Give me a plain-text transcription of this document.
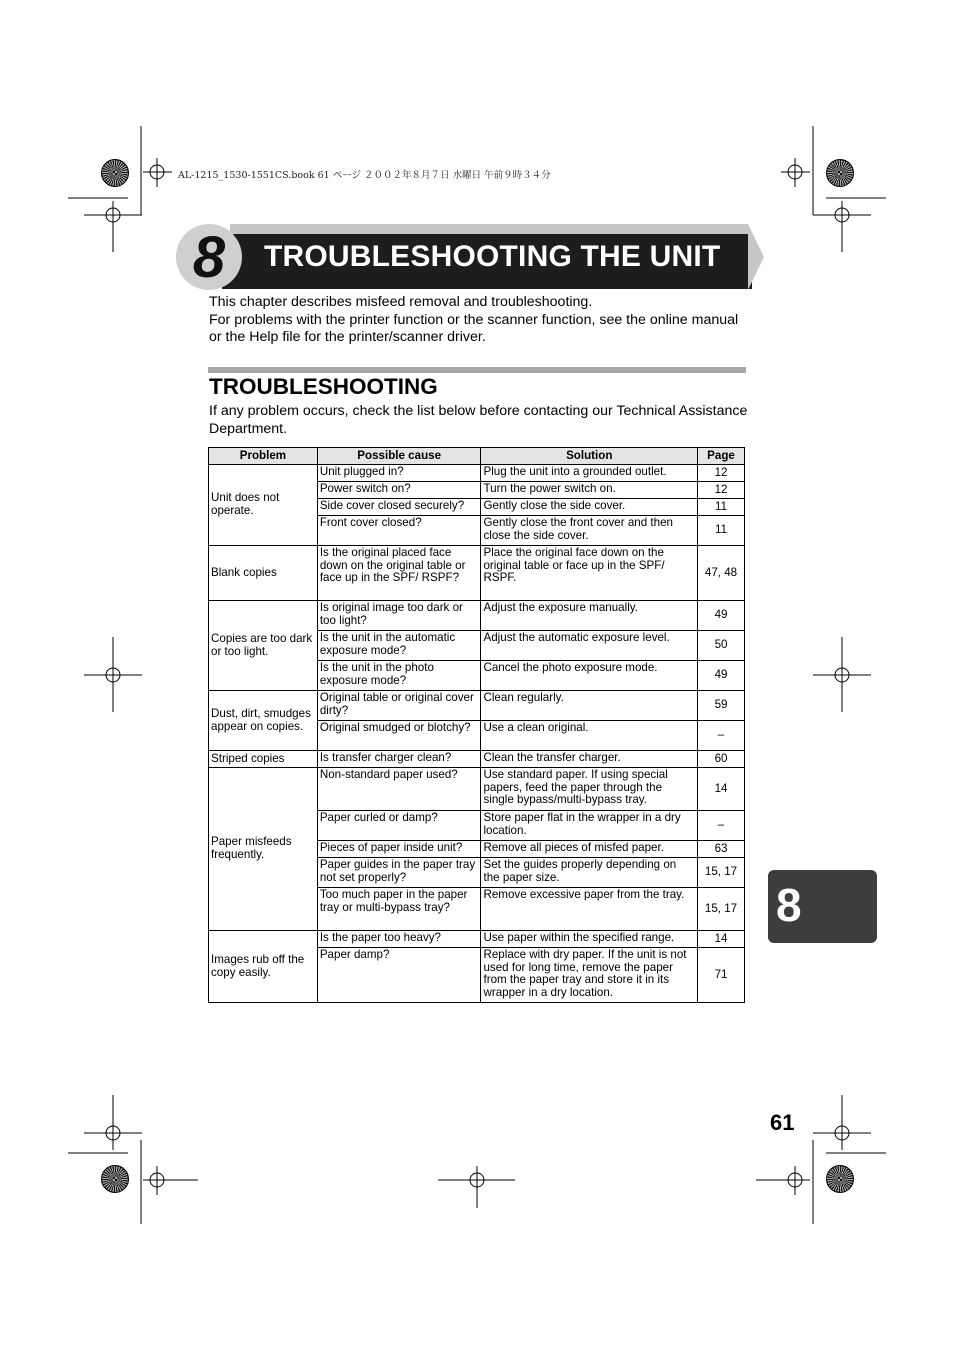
AL-1215_1530-1551CS.book 61 ページ ２００２年８月７日 水曜日 午前９時３４分
8	TROUBLESHOOTING THE UNIT
This chapter describes misfeed removal and troubleshooting.
For problems with the printer function or the scanner function, see the online manual or the Help file for the printer/scanner driver.
TROUBLESHOOTING
If any problem occurs, check the list below before contacting our Technical Assistance Department.
Problem	Possible cause	Solution	Page
Unit does not operate.	Unit plugged in?	Plug the unit into a grounded outlet.	12
	Power switch on?	Turn the power switch on.	12
	Side cover closed securely?	Gently close the side cover.	11
	Front cover closed?	Gently close the front cover and then close the side cover.	11
Blank copies	Is the original placed face down on the original table or face up in the SPF/ RSPF?	Place the original face down on the original table or face up in the SPF/ RSPF.	47, 48
Copies are too dark or too light.	Is original image too dark or too light?	Adjust the exposure manually.	49
	Is the unit in the automatic exposure mode?	Adjust the automatic exposure level.	50
	Is the unit in the photo exposure mode?	Cancel the photo exposure mode.	49
Dust, dirt, smudges appear on copies.	Original table or original cover dirty?	Clean regularly.	59
	Original smudged or blotchy?	Use a clean original.	–
Striped copies	Is transfer charger clean?	Clean the transfer charger.	60
Paper misfeeds frequently.	Non-standard paper used?	Use standard paper. If using special papers, feed the paper through the single bypass/multi-bypass tray.	14
	Paper curled or damp?	Store paper flat in the wrapper in a dry location.	–
	Pieces of paper inside unit?	Remove all pieces of misfed paper.	63
	Paper guides in the paper tray not set properly?	Set the guides properly depending on the paper size.	15, 17
	Too much paper in the paper tray or multi-bypass tray?	Remove excessive paper from the tray.	15, 17
Images rub off the copy easily.	Is the paper too heavy?	Use paper within the specified range.	14
	Paper damp?	Replace with dry paper. If the unit is not used for long time, remove the paper from the paper tray and store it in its wrapper in a dry location.	71
8
61
